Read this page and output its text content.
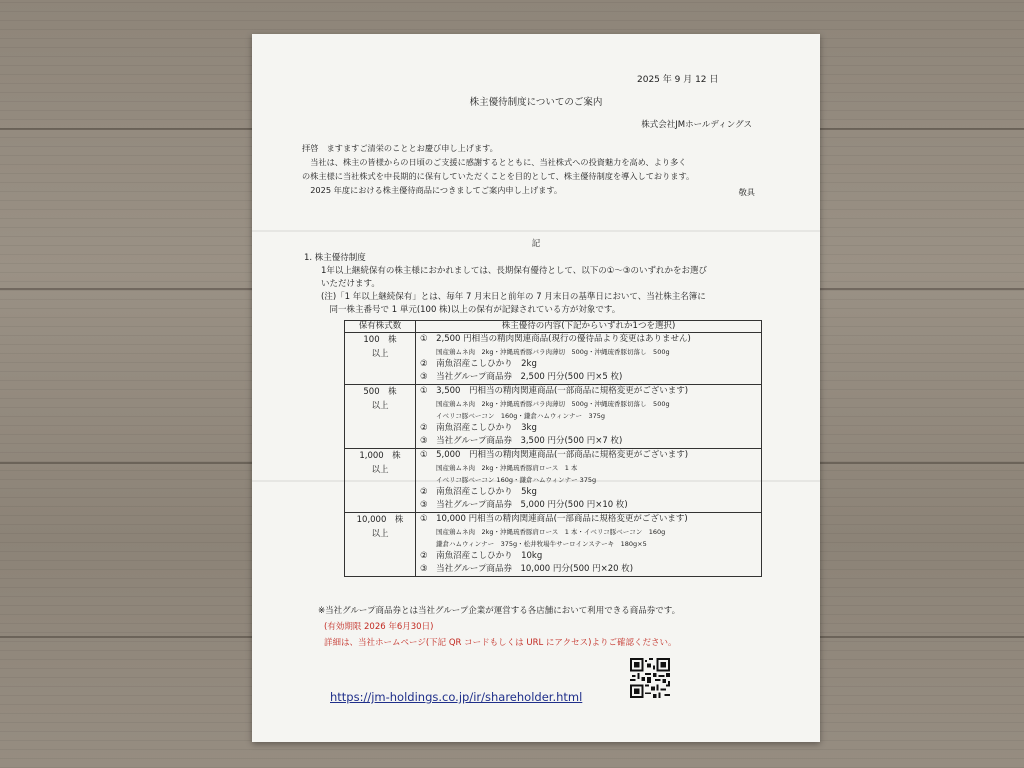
2025 年 9 月 12 日
株主優待制度についてのご案内
株式会社JMホールディングス
拝啓　ますますご清栄のこととお慶び申し上げます。
　当社は、株主の皆様からの日頃のご支援に感謝するとともに、当社株式への投資魅力を高め、より多く
の株主様に当社株式を中長期的に保有していただくことを目的として、株主優待制度を導入しております。
　2025 年度における株主優待商品につきましてご案内申し上げます。	敬具
記
1. 株主優待制度
　　1年以上継続保有の株主様におかれましては、長期保有優待として、以下の①～③のいずれかをお選び
　　いただけます。
　　(注)「1 年以上継続保有」とは、毎年 7 月末日と前年の 7 月末日の基準日において、当社株主名簿に
　　　同一株主番号で 1 単元(100 株)以上の保有が記録されている方が対象です。
保有株式数	株主優待の内容(下記からいずれか1つを選択)

100　株
以上	①　2,500 円相当の精肉関連商品(現行の優待品より変更はありません)
国産鶏ムネ肉　2kg・沖縄琉香豚バラ肉薄切　500g・沖縄琉香豚切落し　500g
②　南魚沼産こしひかり　2kg
③　当社グループ商品券　2,500 円分(500 円×5 枚)

500　株
以上	①　3,500　円相当の精肉関連商品(一部商品に規格変更がございます)
国産鶏ムネ肉　2kg・沖縄琉香豚バラ肉薄切　500g・沖縄琉香豚切落し　500g
イベリコ豚ベーコン　160g・鎌倉ハムウィンナー　375g
②　南魚沼産こしひかり　3kg
③　当社グループ商品券　3,500 円分(500 円×7 枚)

1,000　株
以上	①　5,000　円相当の精肉関連商品(一部商品に規格変更がございます)
国産鶏ムネ肉　2kg・沖縄琉香豚肩ロース　1 本
イベリコ豚ベーコン 160g・鎌倉ハムウィンナー 375g
②　南魚沼産こしひかり　5kg
③　当社グループ商品券　5,000 円分(500 円×10 枚)

10,000　株
以上	①　10,000 円相当の精肉関連商品(一部商品に規格変更がございます)
国産鶏ムネ肉　2kg・沖縄琉香豚肩ロース　1 本・イベリコ豚ベーコン　160g
鎌倉ハムウィンナー　375g・松井牧場牛サーロインステーキ　180g×5
②　南魚沼産こしひかり　10kg
③　当社グループ商品券　10,000 円分(500 円×20 枚)
※当社グループ商品券とは当社グループ企業が運営する各店舗において利用できる商品券です。
(有効期限 2026 年6月30日)
詳細は、当社ホームページ(下記 QR コードもしくは URL にアクセス)よりご確認ください。
https://jm-holdings.co.jp/ir/shareholder.html
